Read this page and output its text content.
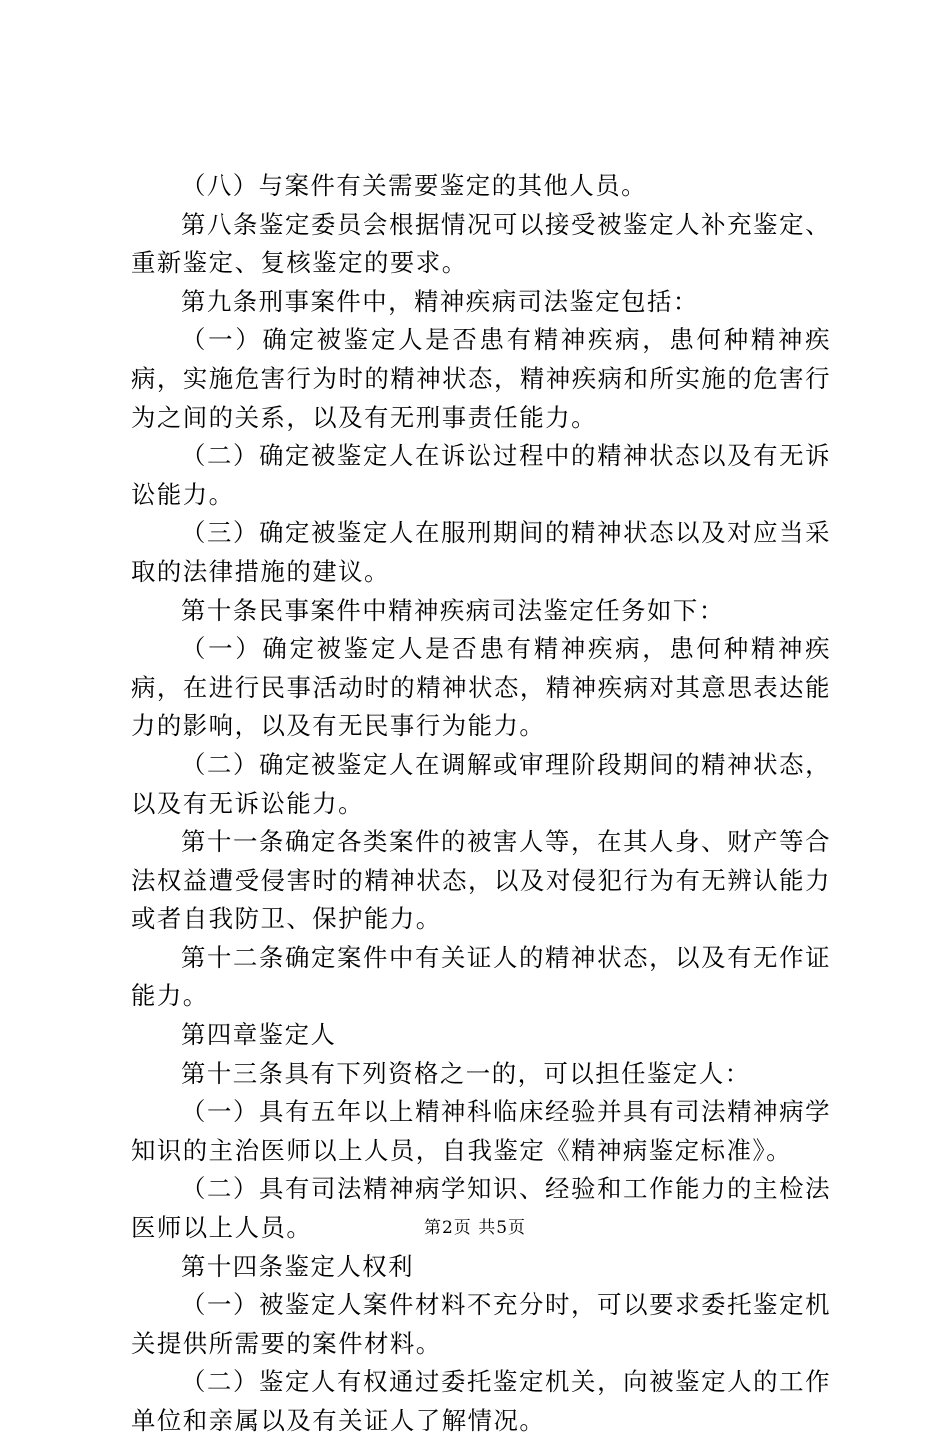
（八）与案件有关需要鉴定的其他人员。

第八条鉴定委员会根据情况可以接受被鉴定人补充鉴定、重新鉴定、复核鉴定的要求。

第九条刑事案件中，精神疾病司法鉴定包括：

（一）确定被鉴定人是否患有精神疾病，患何种精神疾病，实施危害行为时的精神状态，精神疾病和所实施的危害行为之间的关系，以及有无刑事责任能力。

（二）确定被鉴定人在诉讼过程中的精神状态以及有无诉讼能力。

（三）确定被鉴定人在服刑期间的精神状态以及对应当采取的法律措施的建议。

第十条民事案件中精神疾病司法鉴定任务如下：

（一）确定被鉴定人是否患有精神疾病，患何种精神疾病，在进行民事活动时的精神状态，精神疾病对其意思表达能力的影响，以及有无民事行为能力。

（二）确定被鉴定人在调解或审理阶段期间的精神状态，以及有无诉讼能力。

第十一条确定各类案件的被害人等，在其人身、财产等合法权益遭受侵害时的精神状态，以及对侵犯行为有无辨认能力或者自我防卫、保护能力。

第十二条确定案件中有关证人的精神状态，以及有无作证能力。

第四章鉴定人

第十三条具有下列资格之一的，可以担任鉴定人：

（一）具有五年以上精神科临床经验并具有司法精神病学知识的主治医师以上人员，自我鉴定《精神病鉴定标准》。

（二）具有司法精神病学知识、经验和工作能力的主检法医师以上人员。

第十四条鉴定人权利

（一）被鉴定人案件材料不充分时，可以要求委托鉴定机关提供所需要的案件材料。

（二）鉴定人有权通过委托鉴定机关，向被鉴定人的工作单位和亲属以及有关证人了解情况。

第2页 共5页
